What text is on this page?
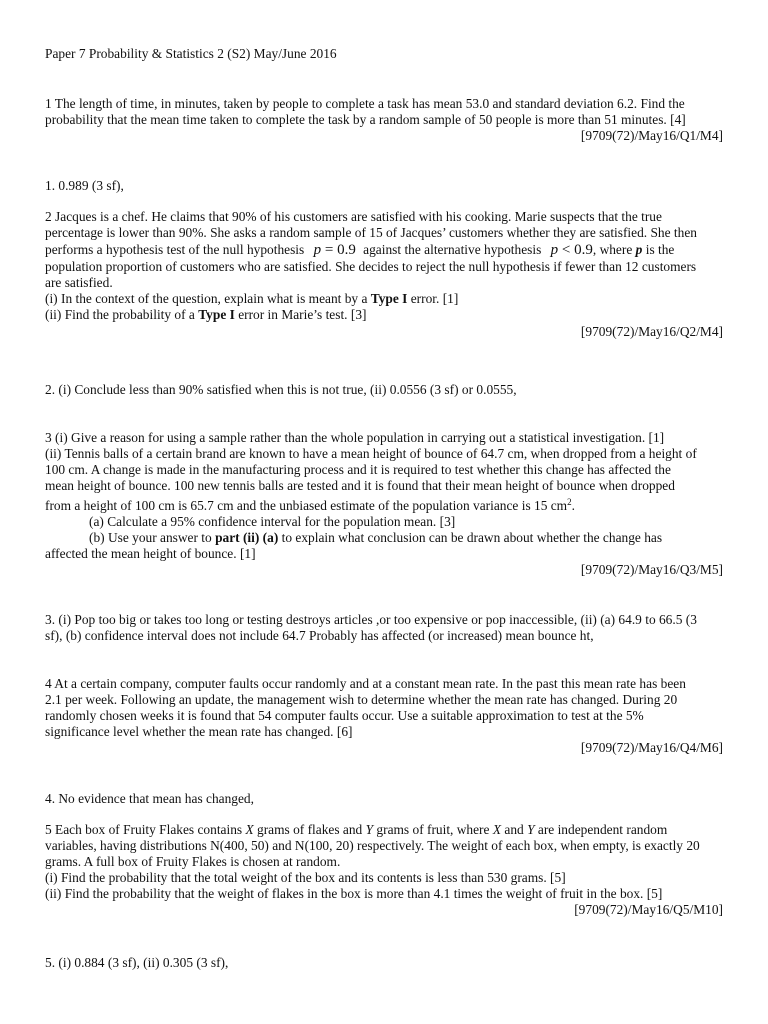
Paper 7 Probability & Statistics 2 (S2) May/June 2016
1 The length of time, in minutes, taken by people to complete a task has mean 53.0 and standard deviation 6.2. Find the
probability that the mean time taken to complete the task by a random sample of 50 people is more than 51 minutes. [4]
[9709(72)/May16/Q1/M4]
1. 0.989 (3 sf),
2 Jacques is a chef. He claims that 90% of his customers are satisfied with his cooking. Marie suspects that the true
percentage is lower than 90%. She asks a random sample of 15 of Jacques’ customers whether they are satisfied. She then
performs a hypothesis test of the null hypothesis p = 0.9 against the alternative hypothesis p < 0.9, where p is the
population proportion of customers who are satisfied. She decides to reject the null hypothesis if fewer than 12 customers
are satisfied.
(i) In the context of the question, explain what is meant by a Type I error. [1]
(ii) Find the probability of a Type I error in Marie’s test. [3]
[9709(72)/May16/Q2/M4]
2. (i) Conclude less than 90% satisfied when this is not true, (ii) 0.0556 (3 sf) or 0.0555,
3 (i) Give a reason for using a sample rather than the whole population in carrying out a statistical investigation. [1]
(ii) Tennis balls of a certain brand are known to have a mean height of bounce of 64.7 cm, when dropped from a height of
100 cm. A change is made in the manufacturing process and it is required to test whether this change has affected the
mean height of bounce. 100 new tennis balls are tested and it is found that their mean height of bounce when dropped
from a height of 100 cm is 65.7 cm and the unbiased estimate of the population variance is 15 $cm^2$.
(a) Calculate a 95% confidence interval for the population mean. [3]
(b) Use your answer to part (ii) (a) to explain what conclusion can be drawn about whether the change has
affected the mean height of bounce. [1]
[9709(72)/May16/Q3/M5]
3. (i) Pop too big or takes too long or testing destroys articles ,or too expensive or pop inaccessible, (ii) (a) 64.9 to 66.5 (3
sf), (b) confidence interval does not include 64.7 Probably has affected (or increased) mean bounce ht,
4 At a certain company, computer faults occur randomly and at a constant mean rate. In the past this mean rate has been
2.1 per week. Following an update, the management wish to determine whether the mean rate has changed. During 20
randomly chosen weeks it is found that 54 computer faults occur. Use a suitable approximation to test at the 5%
significance level whether the mean rate has changed. [6]
[9709(72)/May16/Q4/M6]
4. No evidence that mean has changed,
5 Each box of Fruity Flakes contains X grams of flakes and Y grams of fruit, where X and Y are independent random
variables, having distributions N(400, 50) and N(100, 20) respectively. The weight of each box, when empty, is exactly 20
grams. A full box of Fruity Flakes is chosen at random.
(i) Find the probability that the total weight of the box and its contents is less than 530 grams. [5]
(ii) Find the probability that the weight of flakes in the box is more than 4.1 times the weight of fruit in the box. [5]
[9709(72)/May16/Q5/M10]
5. (i) 0.884 (3 sf), (ii) 0.305 (3 sf),
